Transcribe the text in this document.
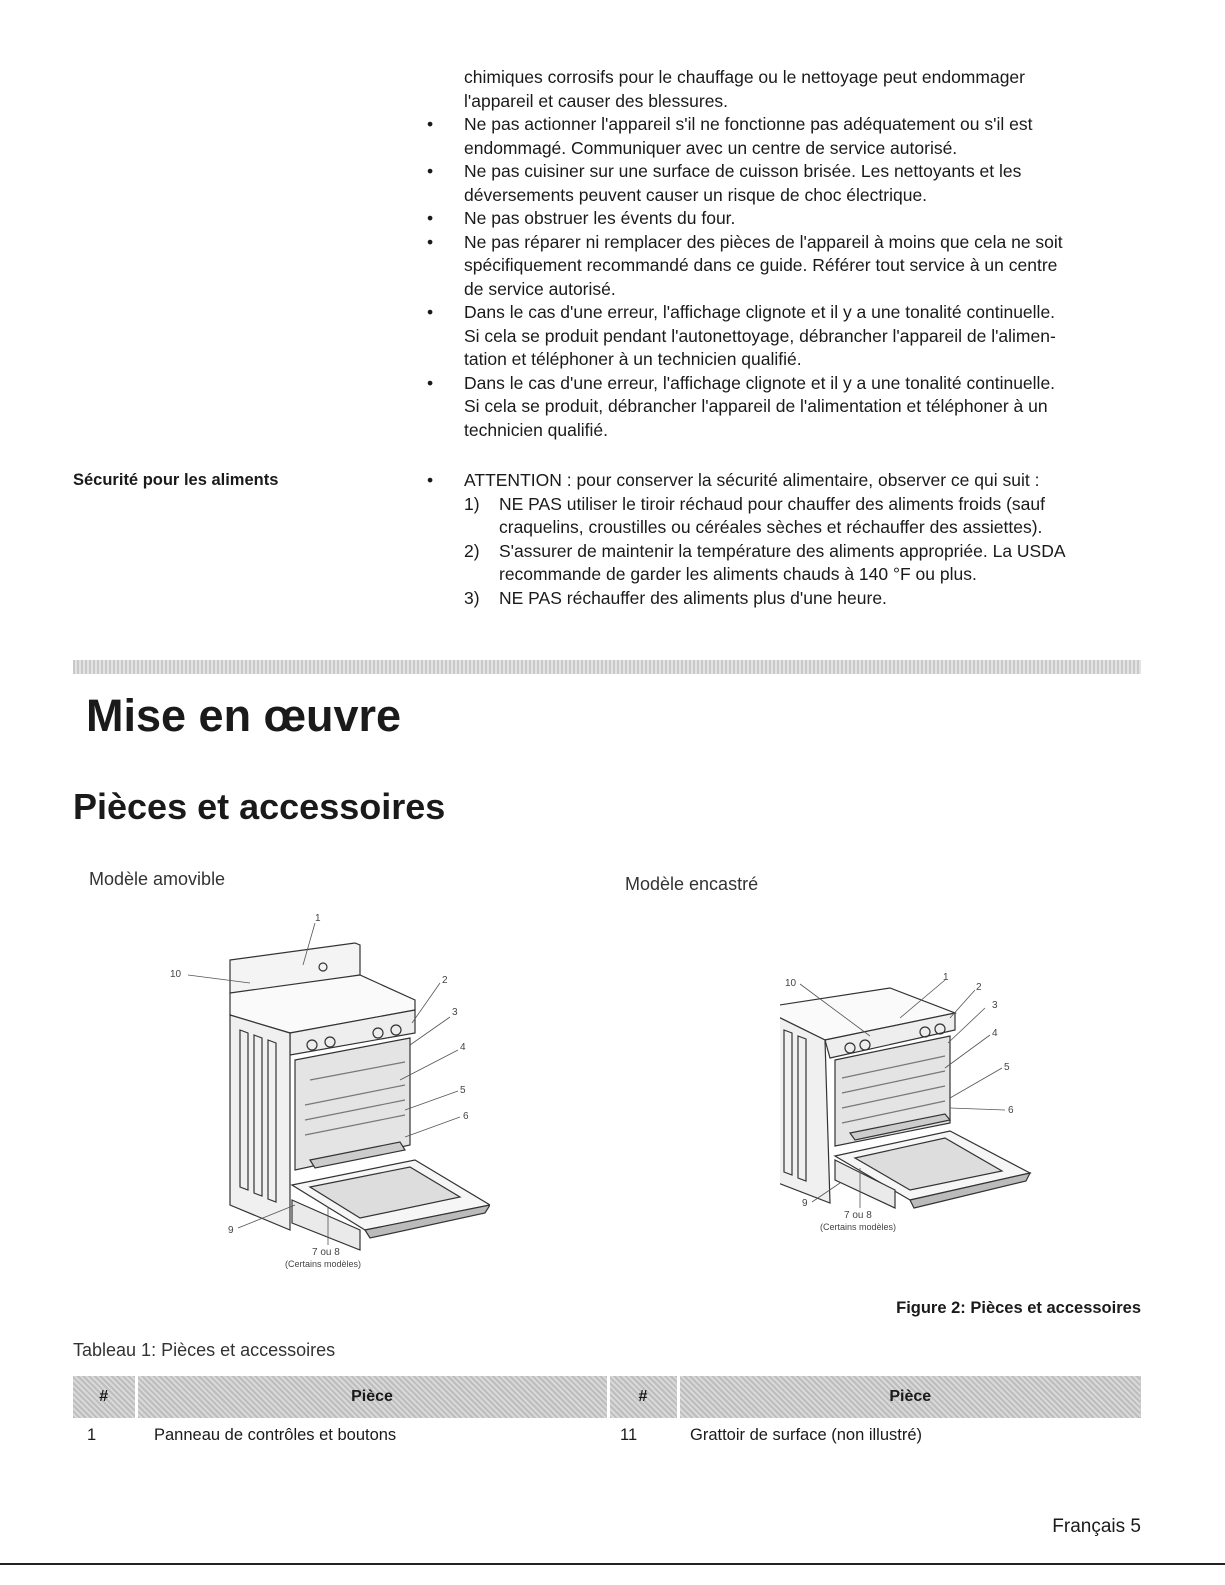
chimiques corrosifs pour le chauffage ou le nettoyage peut endommager
l'appareil et causer des blessures.

• Ne pas actionner l'appareil s'il ne fonctionne pas adéquatement ou s'il est
endommagé. Communiquer avec un centre de service autorisé.
• Ne pas cuisiner sur une surface de cuisson brisée. Les nettoyants et les
déversements peuvent causer un risque de choc électrique.
• Ne pas obstruer les évents du four.
• Ne pas réparer ni remplacer des pièces de l'appareil à moins que cela ne soit
spécifiquement recommandé dans ce guide. Référer tout service à un centre
de service autorisé.
• Dans le cas d'une erreur, l'affichage clignote et il y a une tonalité continuelle.
Si cela se produit pendant l'autonettoyage, débrancher l'appareil de l'alimen-
tation et téléphoner à un technicien qualifié.
• Dans le cas d'une erreur, l'affichage clignote et il y a une tonalité continuelle.
Si cela se produit, débrancher l'appareil de l'alimentation et téléphoner à un
technicien qualifié.
Sécurité pour les aliments	• ATTENTION : pour conserver la sécurité alimentaire, observer ce qui suit :
1) NE PAS utiliser le tiroir réchaud pour chauffer des aliments froids (sauf
craquelins, croustilles ou céréales sèches et réchauffer des assiettes).
2) S'assurer de maintenir la température des aliments appropriée. La USDA
recommande de garder les aliments chauds à 140 °F ou plus.
3) NE PAS réchauffer des aliments plus d'une heure.
Mise en œuvre
Pièces et accessoires
Modèle amovible	Modèle encastré
1
2
3
4
5
6
7 ou 8
9
10
(Certains modèles)
1
2
3
4
5
6
7 ou 8
9
10
(Certains modèles)
Figure 2: Pièces et accessoires
Tableau 1: Pièces et accessoires
#	Pièce	#	Pièce
1	Panneau de contrôles et boutons	11	Grattoir de surface (non illustré)
Français 5
